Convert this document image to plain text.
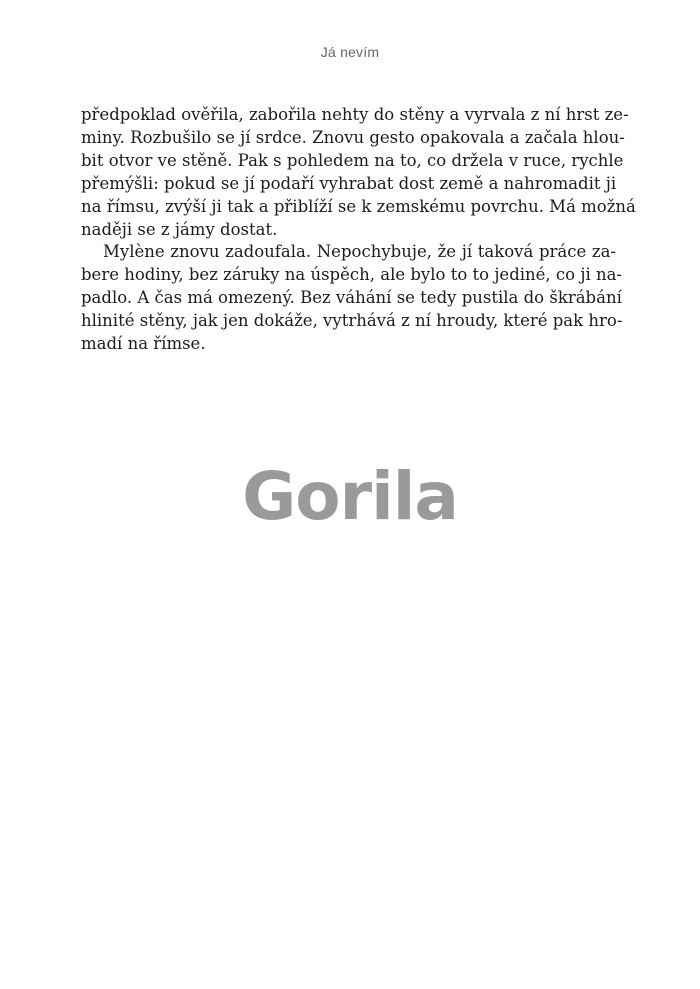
Já nevím

předpoklad ověřila, zabořila nehty do stěny a vyrvala z ní hrst ze-
miny. Rozbušilo se jí srdce. Znovu gesto opakovala a začala hlou-
bit otvor ve stěně. Pak s pohledem na to, co držela v ruce, rychle
přemýšli: pokud se jí podaří vyhrabat dost země a nahromadit ji
na římsu, zvýší ji tak a přiblíží se k zemskému povrchu. Má možná
naději se z jámy dostat.

Mylène znovu zadoufala. Nepochybuje, že jí taková práce za-
bere hodiny, bez záruky na úspěch, ale bylo to to jediné, co ji na-
padlo. A čas má omezený. Bez váhání se tedy pustila do škrábání
hlinité stěny, jak jen dokáže, vytrhává z ní hroudy, které pak hro-
madí na římse.

Gorila
